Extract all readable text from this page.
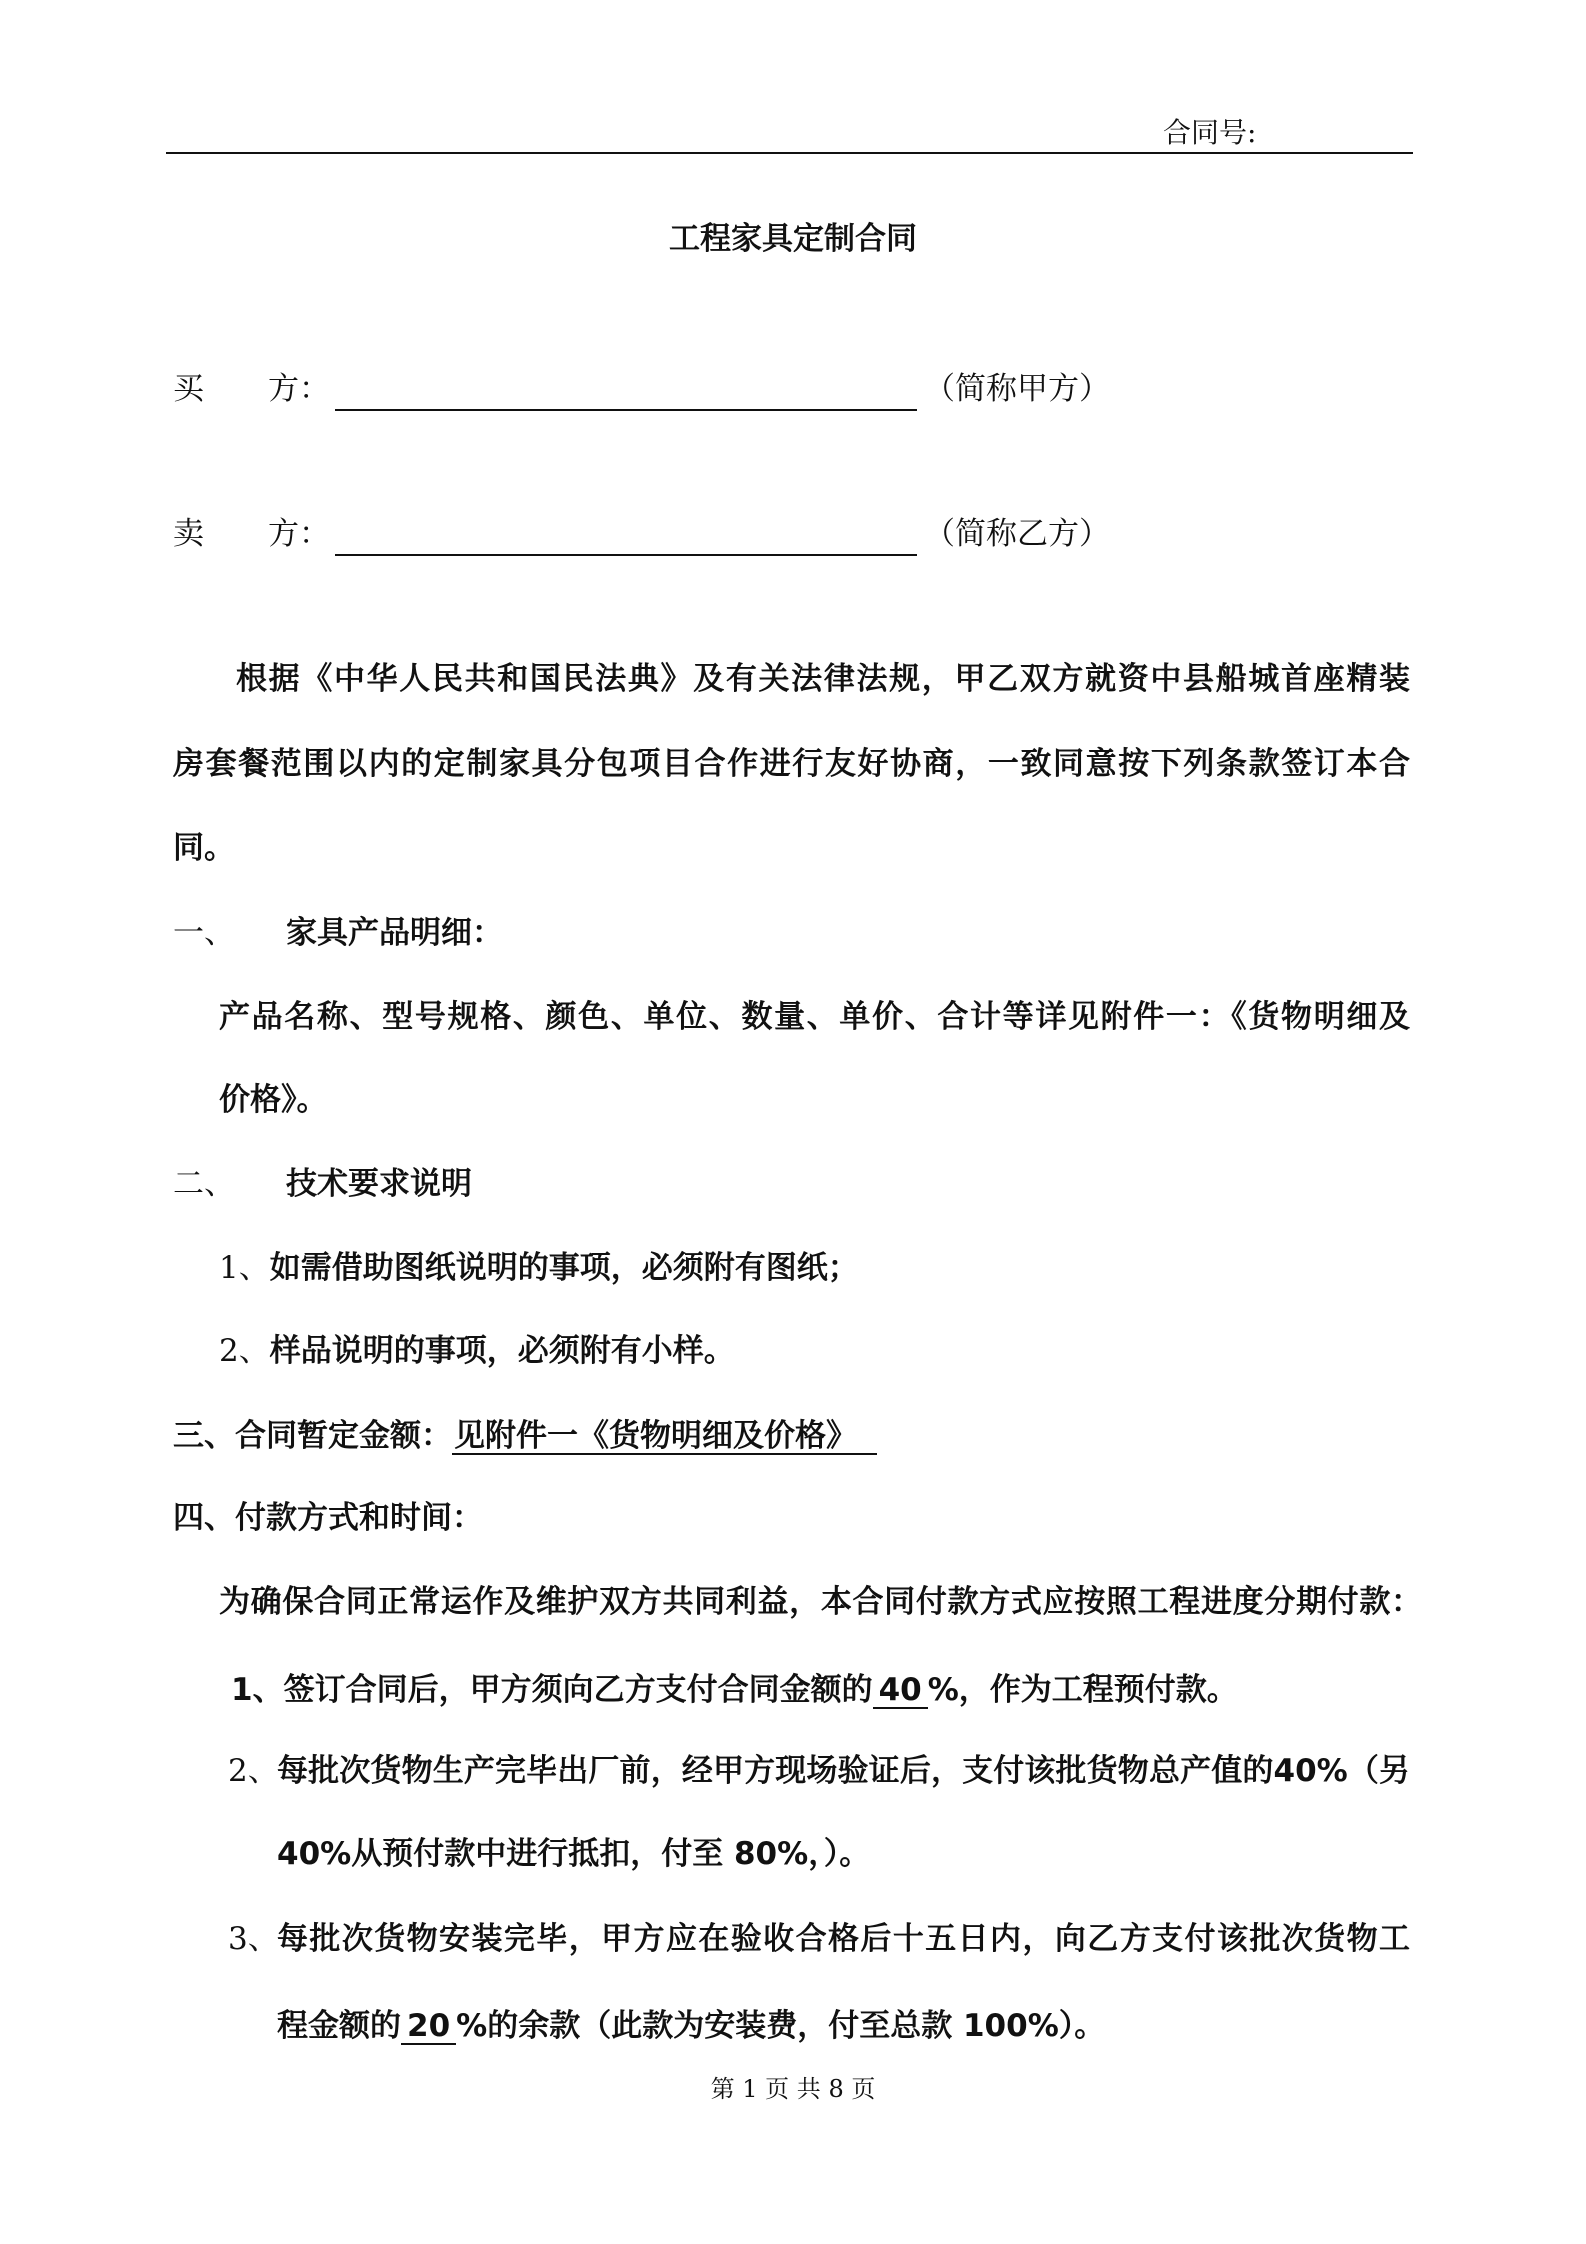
合同号:
工程家具定制合同
买 方：	（简称甲方）
卖 方：	（简称乙方）
根据《中华人民共和国民法典》及有关法律法规，甲乙双方就资中县船城首座精装
房套餐范围以内的定制家具分包项目合作进行友好协商，一致同意按下列条款签订本合
同。
一、 家具产品明细：
产品名称、型号规格、颜色、单位、数量、单价、合计等详见附件一：《货物明细及
价格》。
二、 技术要求说明
1、如需借助图纸说明的事项，必须附有图纸；
2、样品说明的事项，必须附有小样。
三、合同暂定金额：见附件一《货物明细及价格》
四、付款方式和时间：
为确保合同正常运作及维护双方共同利益，本合同付款方式应按照工程进度分期付款：
1、签订合同后，甲方须向乙方支付合同金额的 40 %，作为工程预付款。
2、
每批次货物生产完毕出厂前，经甲方现场验证后，支付该批货物总产值的40%（另
40%从预付款中进行抵扣，付至 80%，）。
3、
每批次货物安装完毕，甲方应在验收合格后十五日内，向乙方支付该批次货物工
程金额的 20 %的余款（此款为安装费，付至总款 100%）。
第 1 页 共 8 页
